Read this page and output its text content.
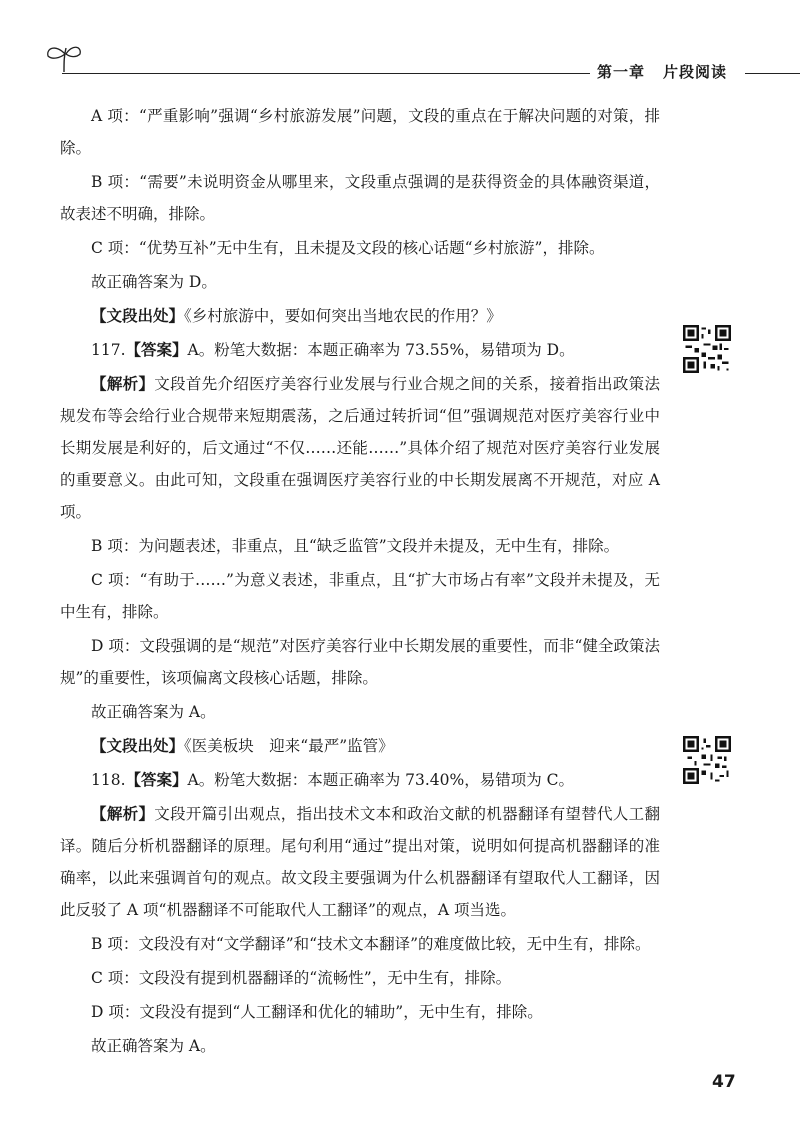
第一章 片段阅读

A 项：“严重影响”强调“乡村旅游发展”问题，文段的重点在于解决问题的对策，排除。

B 项：“需要”未说明资金从哪里来，文段重点强调的是获得资金的具体融资渠道，故表述不明确，排除。

C 项：“优势互补”无中生有，且未提及文段的核心话题“乡村旅游”，排除。

故正确答案为 D。

【文段出处】《乡村旅游中，要如何突出当地农民的作用？》

117.【答案】A。粉笔大数据：本题正确率为 73.55%，易错项为 D。

【解析】文段首先介绍医疗美容行业发展与行业合规之间的关系，接着指出政策法规发布等会给行业合规带来短期震荡，之后通过转折词“但”强调规范对医疗美容行业中长期发展是利好的，后文通过“不仅……还能……”具体介绍了规范对医疗美容行业发展的重要意义。由此可知，文段重在强调医疗美容行业的中长期发展离不开规范，对应 A 项。

B 项：为问题表述，非重点，且“缺乏监管”文段并未提及，无中生有，排除。

C 项：“有助于……”为意义表述，非重点，且“扩大市场占有率”文段并未提及，无中生有，排除。

D 项：文段强调的是“规范”对医疗美容行业中长期发展的重要性，而非“健全政策法规”的重要性，该项偏离文段核心话题，排除。

故正确答案为 A。

【文段出处】《医美板块　迎来“最严”监管》

118.【答案】A。粉笔大数据：本题正确率为 73.40%，易错项为 C。

【解析】文段开篇引出观点，指出技术文本和政治文献的机器翻译有望替代人工翻译。随后分析机器翻译的原理。尾句利用“通过”提出对策，说明如何提高机器翻译的准确率，以此来强调首句的观点。故文段主要强调为什么机器翻译有望取代人工翻译，因此反驳了 A 项“机器翻译不可能取代人工翻译”的观点，A 项当选。

B 项：文段没有对“文学翻译”和“技术文本翻译”的难度做比较，无中生有，排除。

C 项：文段没有提到机器翻译的“流畅性”，无中生有，排除。

D 项：文段没有提到“人工翻译和优化的辅助”，无中生有，排除。

故正确答案为 A。

47
